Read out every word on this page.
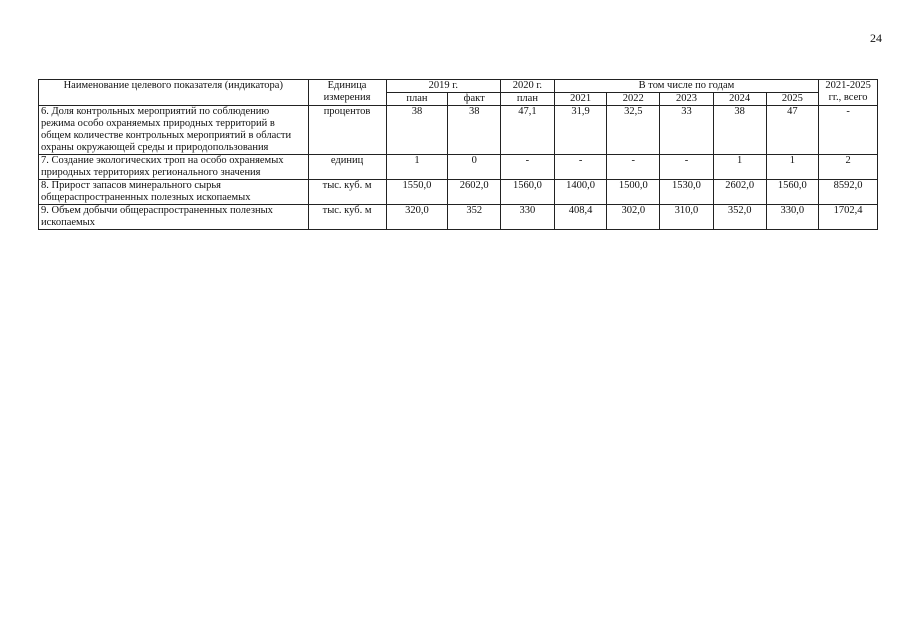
24
Наименование целевого показателя (индикатора)	Единица измерения	2019 г.		2020 г.	В том числе по годам					2021-2025 гг., всего
		план	факт	план	2021	2022	2023	2024	2025	
6. Доля контрольных мероприятий по соблюдению режима особо охраняемых природных территорий в общем количестве контрольных мероприятий в области охраны окружающей среды и природопользования	процентов	38	38	47,1	31,9	32,5	33	38	47	-
7. Создание экологических троп на особо охраняемых природных территориях регионального значения	единиц	1	0	-	-	-	-	1	1	2
8. Прирост запасов минерального сырья общераспространенных полезных ископаемых	тыс. куб. м	1550,0	2602,0	1560,0	1400,0	1500,0	1530,0	2602,0	1560,0	8592,0
9. Объем добычи общераспространенных полезных ископаемых	тыс. куб. м	320,0	352	330	408,4	302,0	310,0	352,0	330,0	1702,4
